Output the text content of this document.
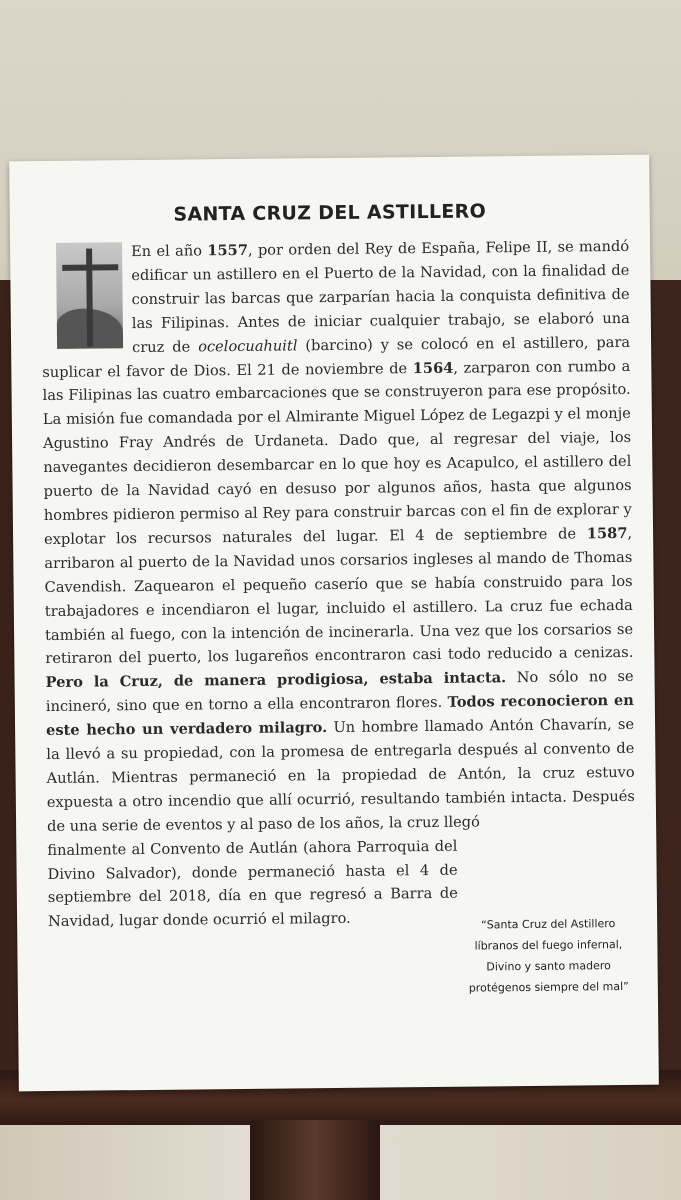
SANTA CRUZ DEL ASTILLERO

En el año 1557, por orden del Rey de España, Felipe II, se mandó edificar un astillero en el Puerto de la Navidad, con la finalidad de construir las barcas que zarparían hacia la conquista definitiva de las Filipinas. Antes de iniciar cualquier trabajo, se elaboró una cruz de ocelocuahuitl (barcino) y se colocó en el astillero, para suplicar el favor de Dios. El 21 de noviembre de 1564, zarparon con rumbo a las Filipinas las cuatro embarcaciones que se construyeron para ese propósito. La misión fue comandada por el Almirante Miguel López de Legazpi y el monje Agustino Fray Andrés de Urdaneta. Dado que, al regresar del viaje, los navegantes decidieron desembarcar en lo que hoy es Acapulco, el astillero del puerto de la Navidad cayó en desuso por algunos años, hasta que algunos hombres pidieron permiso al Rey para construir barcas con el fin de explorar y explotar los recursos naturales del lugar. El 4 de septiembre de 1587, arribaron al puerto de la Navidad unos corsarios ingleses al mando de Thomas Cavendish. Zaquearon el pequeño caserío que se había construido para los trabajadores e incendiaron el lugar, incluido el astillero. La cruz fue echada también al fuego, con la intención de incinerarla. Una vez que los corsarios se retiraron del puerto, los lugareños encontraron casi todo reducido a cenizas. Pero la Cruz, de manera prodigiosa, estaba intacta. No sólo no se incineró, sino que en torno a ella encontraron flores. Todos reconocieron en este hecho un verdadero milagro. Un hombre llamado Antón Chavarín, se la llevó a su propiedad, con la promesa de entregarla después al convento de Autlán. Mientras permaneció en la propiedad de Antón, la cruz estuvo expuesta a otro incendio que allí ocurrió, resultando también intacta. Después de una serie de eventos y al paso de los años, la cruz llegó

finalmente al Convento de Autlán (ahora Parroquia del Divino Salvador), donde permaneció hasta el 4 de septiembre del 2018, día en que regresó a Barra de Navidad, lugar donde ocurrió el milagro.	“Santa Cruz del Astillero
líbranos del fuego infernal,
Divino y santo madero
protégenos siempre del mal”
